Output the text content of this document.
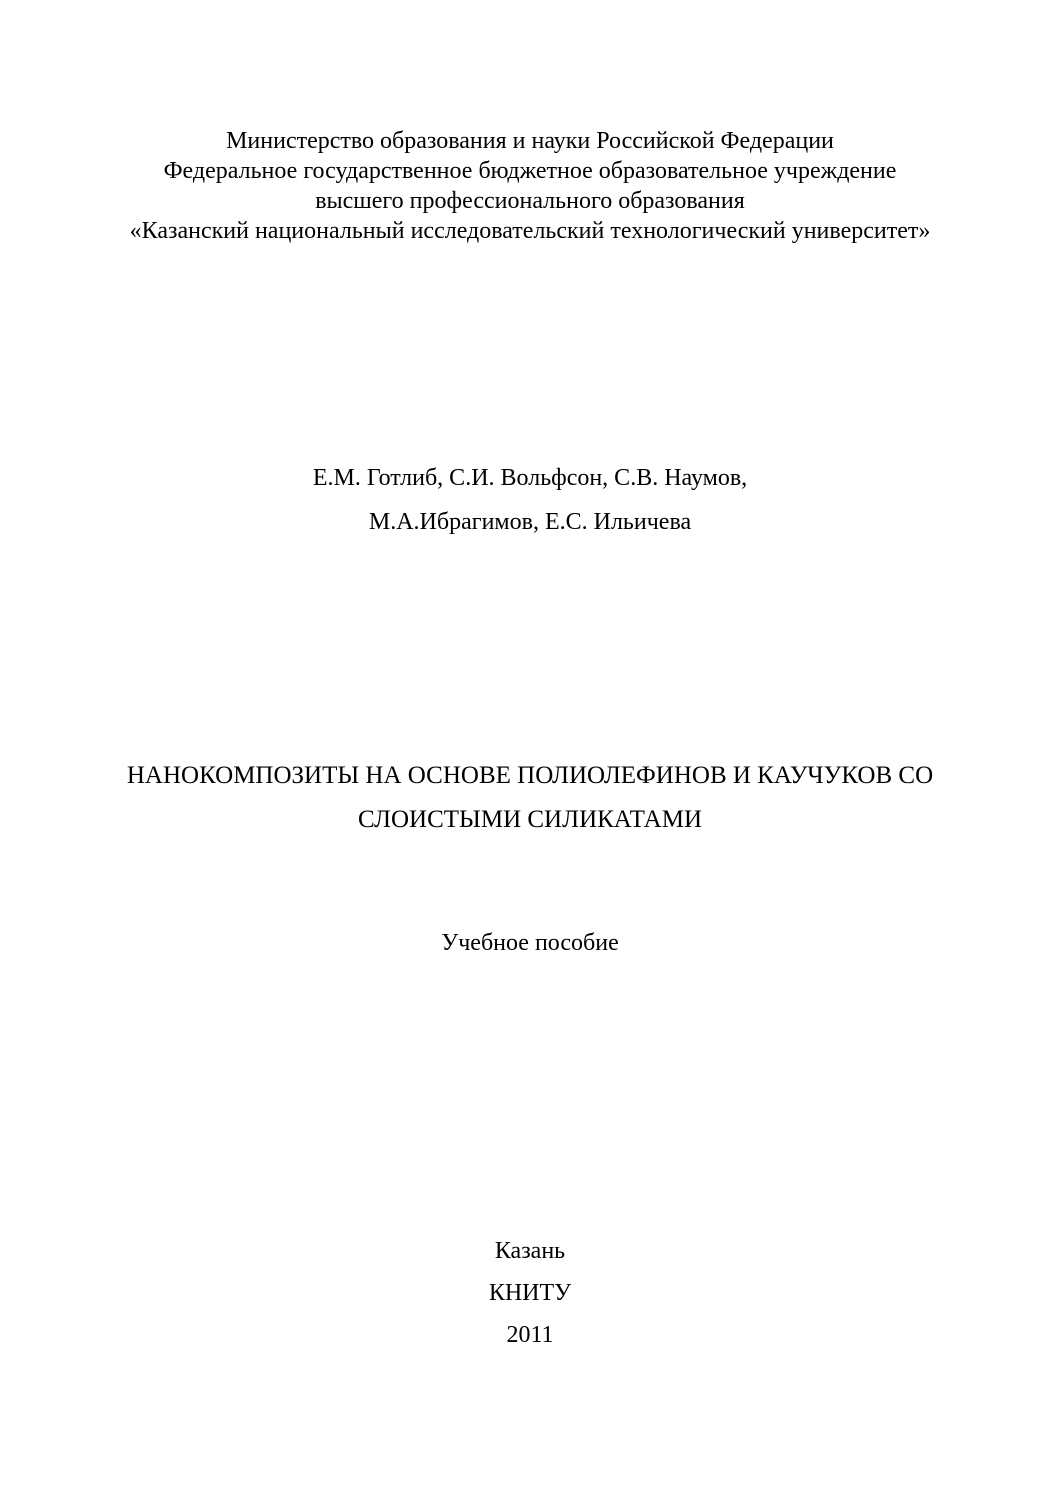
Министерство образования и науки Российской Федерации
Федеральное государственное бюджетное образовательное учреждение
высшего профессионального образования
«Казанский национальный исследовательский технологический университет»
Е.М. Готлиб, С.И. Вольфсон, С.В. Наумов,
М.А.Ибрагимов, Е.С. Ильичева
НАНОКОМПОЗИТЫ НА ОСНОВЕ ПОЛИОЛЕФИНОВ И КАУЧУКОВ СО
СЛОИСТЫМИ СИЛИКАТАМИ
Учебное пособие
Казань
КНИТУ
2011
